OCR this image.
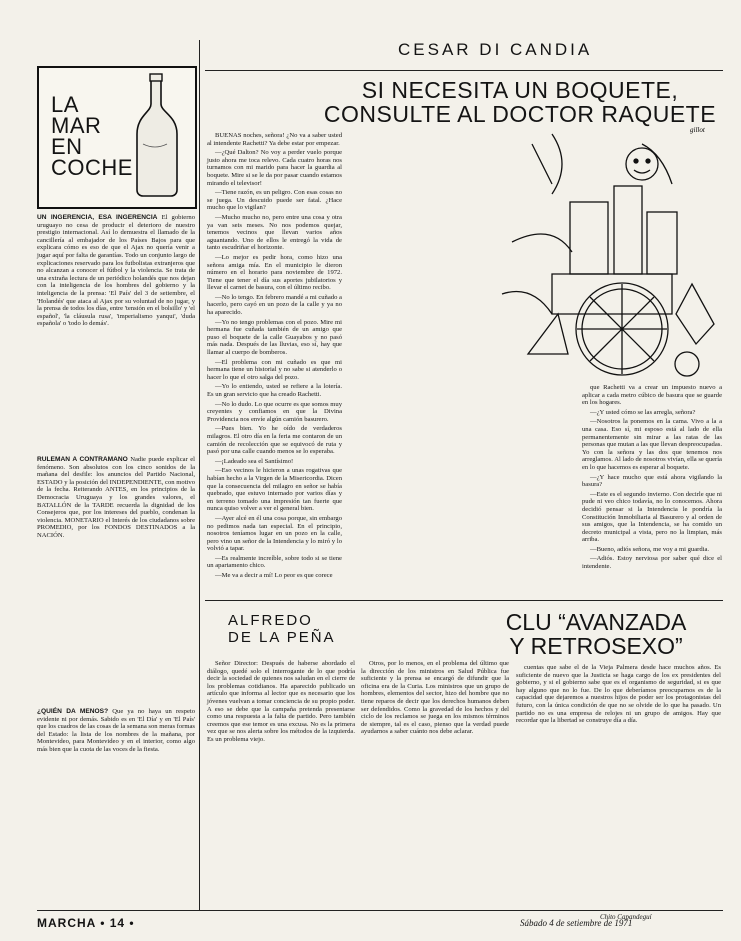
LA
MAR
EN
COCHE
UN INGERENCIA, ESA INGERENCIA El gobierno uruguayo no cesa de producir el deterioro de nuestro prestigio internacional. Así lo demuestra el llamado de la cancillería al embajador de los Países Bajos para que explicara cómo es eso de que el Ajax no quería venir a jugar aquí por falta de garantías. Todo un conjunto largo de explicaciones reservado para los futbolistas extranjeros que no alcanzan a conocer el fútbol y la violencia. Se trata de una extraña lectura de un periódico holandés que nos dejan con la inteligencia de los hombres del gobierno y la inteligencia de la prensa: 'El País' del 3 de setiembre, el 'Holandés' que ataca al Ajax por su voluntad de no jugar, y la prensa de todos los días, entre 'tensión en el bolsillo' y 'el español', 'la cláusula rusa', 'imperialismo yanqui', 'duda española' o 'todo lo demás'.
RULEMAN A CONTRAMANO Nadie puede explicar el fenómeno. Son absolutos con los cinco sonidos de la mañana del desfile: los anuncios del Partido Nacional, ESTADO y la posición del INDEPENDIENTE, con motivo de la fecha. Reiterando ANTES, en los principios de la Democracia Uruguaya y los grandes valores, el BATALLÓN de la TARDE recuerda la dignidad de los Consejeros que, por los intereses del pueblo, condenan la violencia. MONETARIO el Interés de los ciudadanos sobre PROMEDIO, por los FONDOS DESTINADOS a la NACIÓN.
¿QUIÉN DA MENOS? Que ya no haya un respeto evidente ni por demás. Sabido es en 'El Día' y en 'El País' que los cuadros de las cosas de la semana son meras formas del Estado: la lista de los nombres de la mañana, por Montevideo, para Montevideo y en el interior, como algo más bien que la cuota de las voces de la fiesta.
CESAR DI CANDIA
SI NECESITA UN BOQUETE,
CONSULTE AL DOCTOR RAQUETE

BUENAS noches, señora! ¿No va a saber usted al intendente Rachetti? Ya debe estar por empezar.

—¿Qué Dalton? No voy a perder vuelo porque justo ahora me toca relevo. Cada cuatro horas nos turnamos con mi marido para hacer la guardia al boquete. Mire si se le da por pasar cuando estamos mirando el televisor!

—Tiene razón, es un peligro. Con esas cosas no se juega. Un descuido puede ser fatal. ¿Hace mucho que lo vigilan?

—Mucho mucho no, pero entre una cosa y otra ya van seis meses. No nos podemos quejar, tenemos vecinos que llevan varios años aguantando. Uno de ellos le entregó la vida de tanto escudriñar el horizonte.

—Lo mejor es pedir hora, como hizo una señora amiga mía. En el municipio le dieron número en el horario para noviembre de 1972. Tiene que tener el día sus aportes jubilatorios y llevar el carnet de basura, con el último recibo.

—No lo tengo. En febrero mandé a mi cuñado a hacerlo, pero cayó en un pozo de la calle y ya no ha aparecido.

—Yo no tengo problemas con el pozo. Mire mi hermana fue cuñada también de un amigo que puso el boquete de la calle Guayabos y no pasó más nada. Después de las lluvias, eso sí, hay que llamar al cuerpo de bomberos.

—El problema con mi cuñado es que mi hermana tiene un historial y no sabe si atenderlo o hacer lo que el otro salga del pozo.

—Yo lo entiendo, usted se refiere a la lotería. Es un gran servicio que ha creado Rachetti.

—No lo dudo. Lo que ocurre es que somos muy creyentes y confiamos en que la Divina Providencia nos envíe algún camión basurero.

—Pues bien. Yo he oído de verdaderos milagros. El otro día en la feria me contaron de un camión de recolección que se equivocó de ruta y pasó por una calle cuando menos se lo esperaba.

—¡Ladeado sea el Santísimo!

—Eso vecinos le hicieron a unas rogativas que habían hecho a la Virgen de la Misericordia. Dicen que la consecuencia del milagro en señor se había quebrado, que estuvo internado por varios días y en terreno tomado una impresión tan fuerte que nunca quiso volver a ver el general bien.

—Ayer alcé en él una cosa porque, sin embargo no pedimos nada tan especial. En el principio, nosotros teníamos lugar en un pozo en la calle, pero vino un señor de la Intendencia y lo miró y lo volvió a tapar.

—Es realmente increíble, sobre todo si se tiene un apartamento chico.

—Me va a decir a mí! Lo peor es que corece

gillot

que Rachetti va a crear un impuesto nuevo a aplicar a cada metro cúbico de basura que se guarde en los hogares.

—¿Y usted cómo se las arregla, señora?

—Nosotros la ponemos en la cama. Vivo a la a una casa. Eso sí, mi esposo está al lado de ella permanentemente sin mirar a las ratas de las personas que mutan a las que llevan despreocupadas. Yo con la señora y las dos que tenemos nos arreglamos. Al lado de nosotros vivían, ella se quería en lo que hacemos es esperar al boquete.

—¿Y hace mucho que está ahora vigilando la basura?

—Este es el segundo invierno. Con decirle que ni pude ni veo chico todavía, no lo conocemos. Ahora decidió pensar si la Intendencia le pondría la Constitución Inmobiliaria al Basurero y al orden de sus amigos, que la Intendencia, se ha comido un decreto municipal a vista, pero no la limpian, más arriba.

—Bueno, adiós señora, me voy a mi guardia.

—Adiós. Estoy nerviosa por saber qué dice el intendente.

ALFREDO
DE LA PEÑA
CLU “AVANZADA
Y RETROSEXO”

Señor Director: Después de haberse abordado el diálogo, quedé solo el interrogante de lo que podría decir la sociedad de quienes nos saludan en el cierre de los problemas cotidianos. Ha aparecido publicado un artículo que informa al lector que es necesario que los jóvenes vuelvan a tomar conciencia de su propio poder. A eso se debe que la campaña pretenda presentarse como una respuesta a la falta de partido. Pero también creemos que ese temor es una excusa. No es la primera vez que se nos alerta sobre los métodos de la izquierda. Es un problema viejo.

Otros, por lo menos, en el problema del último que la dirección de los ministros en Salud Pública fue suficiente y la prensa se encargó de difundir que la oficina era de la Curia. Los ministros que un grupo de hombres, elementos del sector, hizo del hombre que no tiene reparos de decir que los derechos humanos deben ser defendidos. Como la gravedad de los hechos y del ciclo de los reclamos se juega en los mismos términos de siempre, tal es el caso, pienso que la verdad puede ayudarnos a saber cuánto nos debe aclarar.

cuentas que sabe el de la Vieja Palmera desde hace muchos años. Es suficiente de nuevo que la Justicia se haga cargo de los ex presidentes del gobierno, y si el gobierno sabe que es el organismo de seguridad, si es que hay alguno que no lo fue. De lo que deberíamos preocuparnos es de la capacidad que dejaremos a nuestros hijos de poder ser los protagonistas del futuro, con la única condición de que no se olvide de lo que ha pasado. Un partido no es una empresa de relojes ni un grupo de amigos. Hay que recordar que la libertad se construye día a día.

Chito Capandeguí
MARCHA • 14 •	Sábado 4 de setiembre de 1971
